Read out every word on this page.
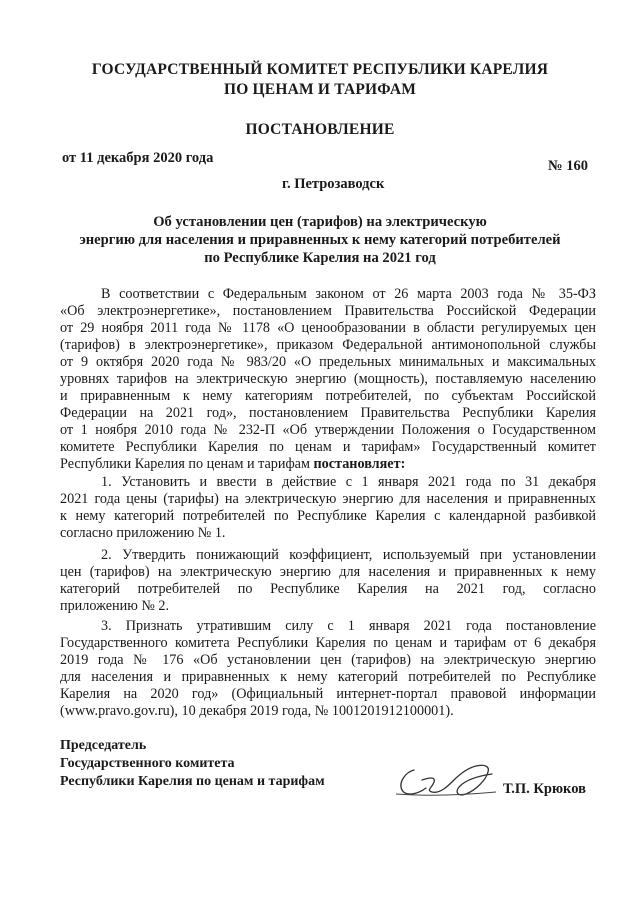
ГОСУДАРСТВЕННЫЙ КОМИТЕТ РЕСПУБЛИКИ КАРЕЛИЯ
ПО ЦЕНАМ И ТАРИФАМ
ПОСТАНОВЛЕНИЕ
от 11 декабря 2020 года	№ 160
г. Петрозаводск
Об установлении цен (тарифов) на электрическую
энергию для населения и приравненных к нему категорий потребителей
по Республике Карелия на 2021 год
В соответствии с Федеральным законом от 26 марта 2003 года № 35-ФЗ
«Об электроэнергетике», постановлением Правительства Российской Федерации
от 29 ноября 2011 года № 1178 «О ценообразовании в области регулируемых цен
(тарифов) в электроэнергетике», приказом Федеральной антимонопольной службы
от 9 октября 2020 года № 983/20 «О предельных минимальных и максимальных
уровнях тарифов на электрическую энергию (мощность), поставляемую населению
и приравненным к нему категориям потребителей, по субъектам Российской
Федерации на 2021 год», постановлением Правительства Республики Карелия
от 1 ноября 2010 года № 232-П «Об утверждении Положения о Государственном
комитете Республики Карелия по ценам и тарифам» Государственный комитет
Республики Карелия по ценам и тарифам постановляет:
1. Установить и ввести в действие с 1 января 2021 года по 31 декабря
2021 года цены (тарифы) на электрическую энергию для населения и приравненных
к нему категорий потребителей по Республике Карелия с календарной разбивкой
согласно приложению № 1.
2. Утвердить понижающий коэффициент, используемый при установлении
цен (тарифов) на электрическую энергию для населения и приравненных к нему
категорий потребителей по Республике Карелия на 2021 год, согласно
приложению № 2.
3. Признать утратившим силу с 1 января 2021 года постановление
Государственного комитета Республики Карелия по ценам и тарифам от 6 декабря
2019 года № 176 «Об установлении цен (тарифов) на электрическую энергию
для населения и приравненных к нему категорий потребителей по Республике
Карелия на 2020 год» (Официальный интернет-портал правовой информации
(www.pravo.gov.ru), 10 декабря 2019 года, № 1001201912100001).
Председатель
Государственного комитета
Республики Карелия по ценам и тарифам	Т.П. Крюков
